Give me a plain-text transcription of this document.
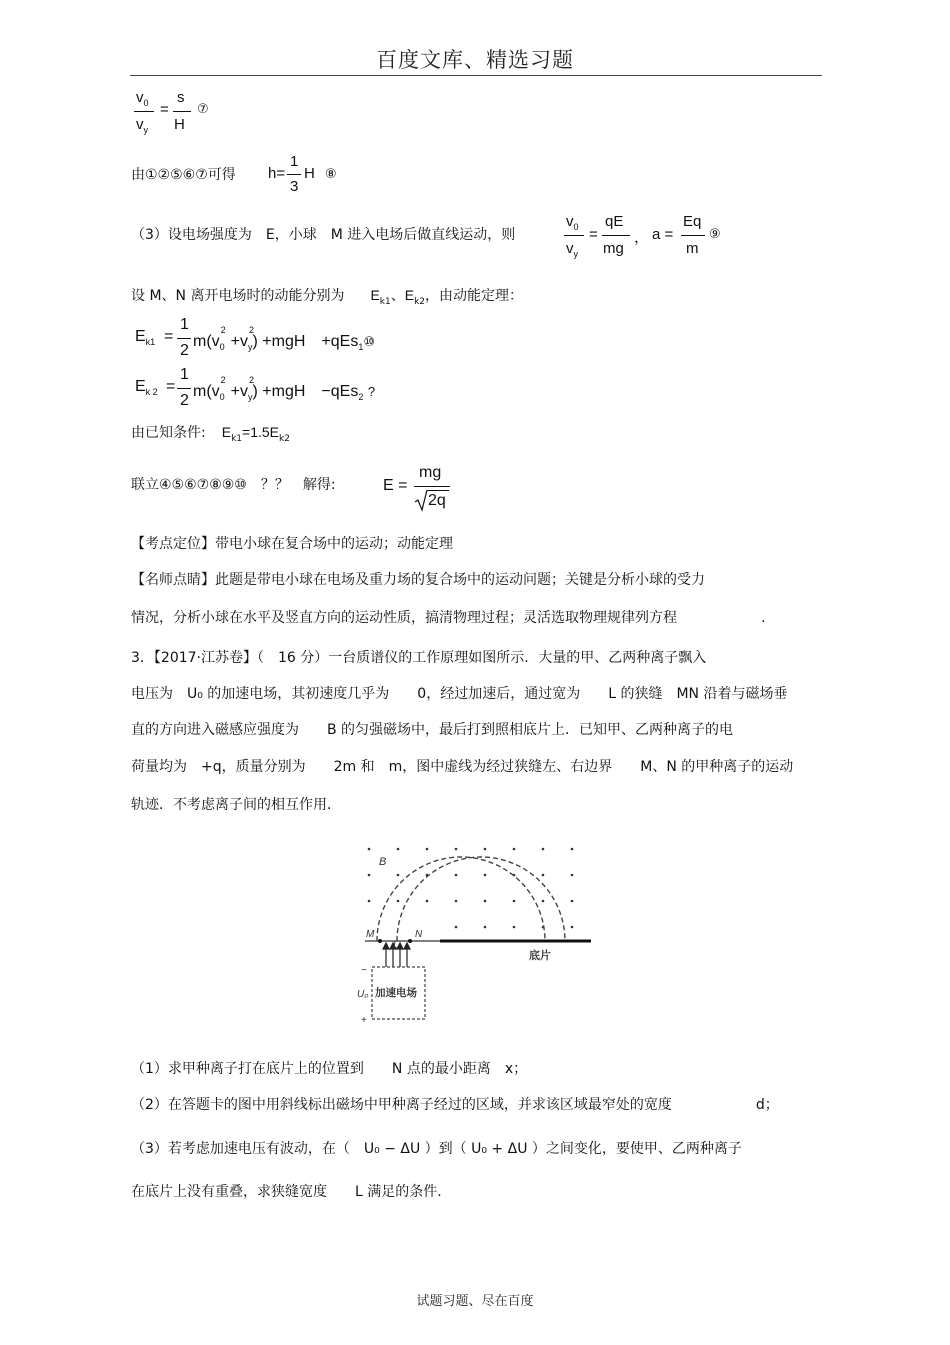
百度文库、精选习题
$v_0$
$v_y$
=
s
H
⑦
由①②⑤⑥⑦可得 h=
1
3
H ⑧
（3）设电场强度为　E，小球　M 进入电场后做直线运动，则
$v_0$
$v_y$
=
qE
mg
， a =
Eq
m
⑨
设 M、N 离开电场时的动能分别为 $E_{k1}$、$E_{k2}$，由动能定理：
$E_{k1}$ =
1
2
m(v
2
$_0$ +v
2
$_y$) +mgH　+qEs$_1$⑩
$E_{k 2}$ =
1
2
m(v
2
$_0$ +v
2
$_y$) +mgH　−qEs$_2$ ?
由已知条件: $E_{k1}=1.5E_{k2}$
联立④⑤⑥⑦⑧⑨⑩　？？　解得:	E =
mg
2q
【考点定位】带电小球在复合场中的运动；动能定理
【名师点睛】此题是带电小球在电场及重力场的复合场中的运动问题；关键是分析小球的受力
情况，分析小球在水平及竖直方向的运动性质，搞清物理过程；灵活选取物理规律列方程　　　　　　.
3．【2017·江苏卷】（　16 分）一台质谱仪的工作原理如图所示．大量的甲、乙两种离子飘入
电压为　U₀ 的加速电场，其初速度几乎为　　0，经过加速后，通过宽为　　L 的狭缝　MN 沿着与磁场垂
直的方向进入磁感应强度为　　B 的匀强磁场中，最后打到照相底片上．已知甲、乙两种离子的电
荷量均为　+q，质量分别为　　2m 和　m，图中虚线为经过狭缝左、右边界　　M、N 的甲种离子的运动
轨迹．不考虑离子间的相互作用．
B
M
L
N
底片
U₀ 加速电场
−
+
（1）求甲种离子打在底片上的位置到　　N 点的最小距离　x；
（2）在答题卡的图中用斜线标出磁场中甲种离子经过的区域，并求该区域最窄处的宽度　　　　　　d；
（3）若考虑加速电压有波动，在（　U₀ − ΔU ）到（ U₀ + ΔU ）之间变化，要使甲、乙两种离子
在底片上没有重叠，求狭缝宽度　　L 满足的条件.
试题习题、尽在百度
